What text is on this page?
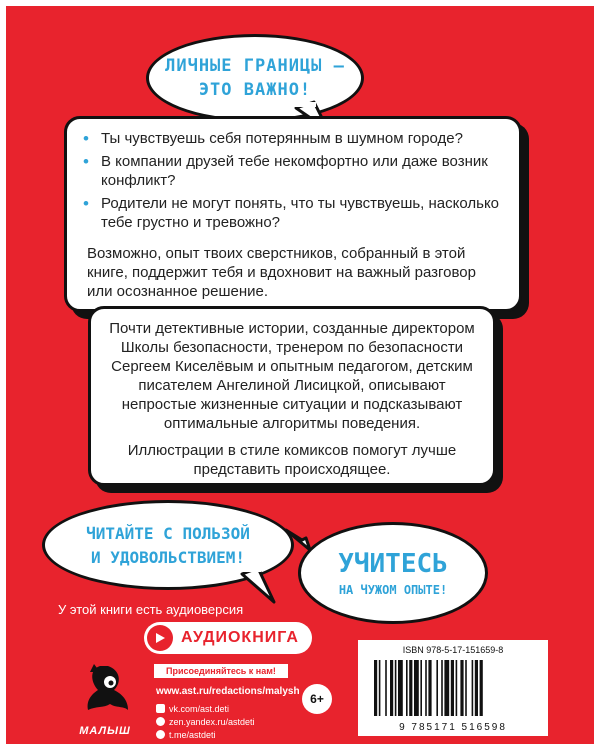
ЛИЧНЫЕ ГРАНИЦЫ —
ЭТО ВАЖНО!
• Ты чувствуешь себя потерянным в шумном городе?
• В компании друзей тебе некомфортно или даже возник конфликт?
• Родители не могут понять, что ты чувствуешь, насколько тебе грустно и тревожно?

Возможно, опыт твоих сверстников, собранный в этой книге, поддержит тебя и вдохновит на важный разговор или осознанное решение.

Почти детективные истории, созданные директором Школы безопасности, тренером по безопасности Сергеем Киселёвым и опытным педагогом, детским писателем Ангелиной Лисицкой, описывают непростые жизненные ситуации и подсказывают оптимальные алгоритмы поведения.

Иллюстрации в стиле комиксов помогут лучше представить происходящее.

ЧИТАЙТЕ С ПОЛЬЗОЙ
И УДОВОЛЬСТВИЕМ!	УЧИТЕСЬ
НА ЧУЖОМ ОПЫТЕ!
У этой книги есть аудиоверсия
АУДИОКНИГА
МАЛЫШ
Присоединяйтесь к нам!
www.ast.ru/redactions/malysh
vk.com/ast.deti
zen.yandex.ru/astdeti
t.me/astdeti
6+
ISBN 978-5-17-151659-8
9 785171 516598
